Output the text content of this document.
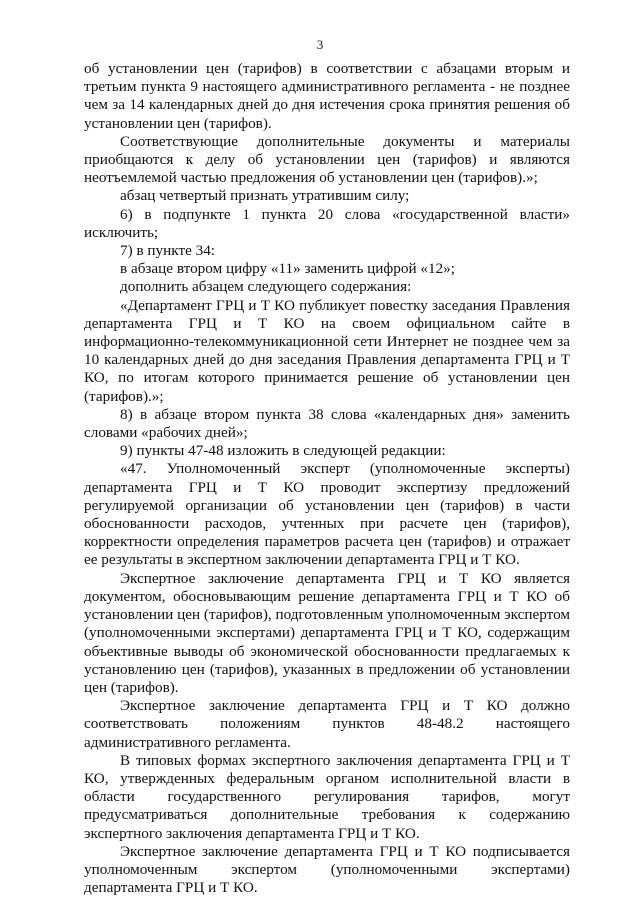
3

об установлении цен (тарифов) в соответствии с абзацами вторым и третьим пункта 9 настоящего административного регламента - не позднее чем за 14 календарных дней до дня истечения срока принятия решения об установлении цен (тарифов).

Соответствующие дополнительные документы и материалы приобщаются к делу об установлении цен (тарифов) и являются неотъемлемой частью предложения об установлении цен (тарифов).»;

абзац четвертый признать утратившим силу;

6) в подпункте 1 пункта 20 слова «государственной власти» исключить;

7) в пункте 34:

в абзаце втором цифру «11» заменить цифрой «12»;

дополнить абзацем следующего содержания:

«Департамент ГРЦ и Т КО публикует повестку заседания Правления департамента ГРЦ и Т КО на своем официальном сайте в информационно-телекоммуникационной сети Интернет не позднее чем за 10 календарных дней до дня заседания Правления департамента ГРЦ и Т КО, по итогам которого принимается решение об установлении цен (тарифов).»;

8) в абзаце втором пункта 38 слова «календарных дня» заменить словами «рабочих дней»;

9) пункты 47-48 изложить в следующей редакции:

«47. Уполномоченный эксперт (уполномоченные эксперты) департамента ГРЦ и Т КО проводит экспертизу предложений регулируемой организации об установлении цен (тарифов) в части обоснованности расходов, учтенных при расчете цен (тарифов), корректности определения параметров расчета цен (тарифов) и отражает ее результаты в экспертном заключении департамента ГРЦ и Т КО.

Экспертное заключение департамента ГРЦ и Т КО является документом, обосновывающим решение департамента ГРЦ и Т КО об установлении цен (тарифов), подготовленным уполномоченным экспертом (уполномоченными экспертами) департамента ГРЦ и Т КО, содержащим объективные выводы об экономической обоснованности предлагаемых к установлению цен (тарифов), указанных в предложении об установлении цен (тарифов).

Экспертное заключение департамента ГРЦ и Т КО должно соответствовать положениям пунктов 48-48.2 настоящего административного регламента.

В типовых формах экспертного заключения департамента ГРЦ и Т КО, утвержденных федеральным органом исполнительной власти в области государственного регулирования тарифов, могут предусматриваться дополнительные требования к содержанию экспертного заключения департамента ГРЦ и Т КО.

Экспертное заключение департамента ГРЦ и Т КО подписывается уполномоченным экспертом (уполномоченными экспертами) департамента ГРЦ и Т КО.
